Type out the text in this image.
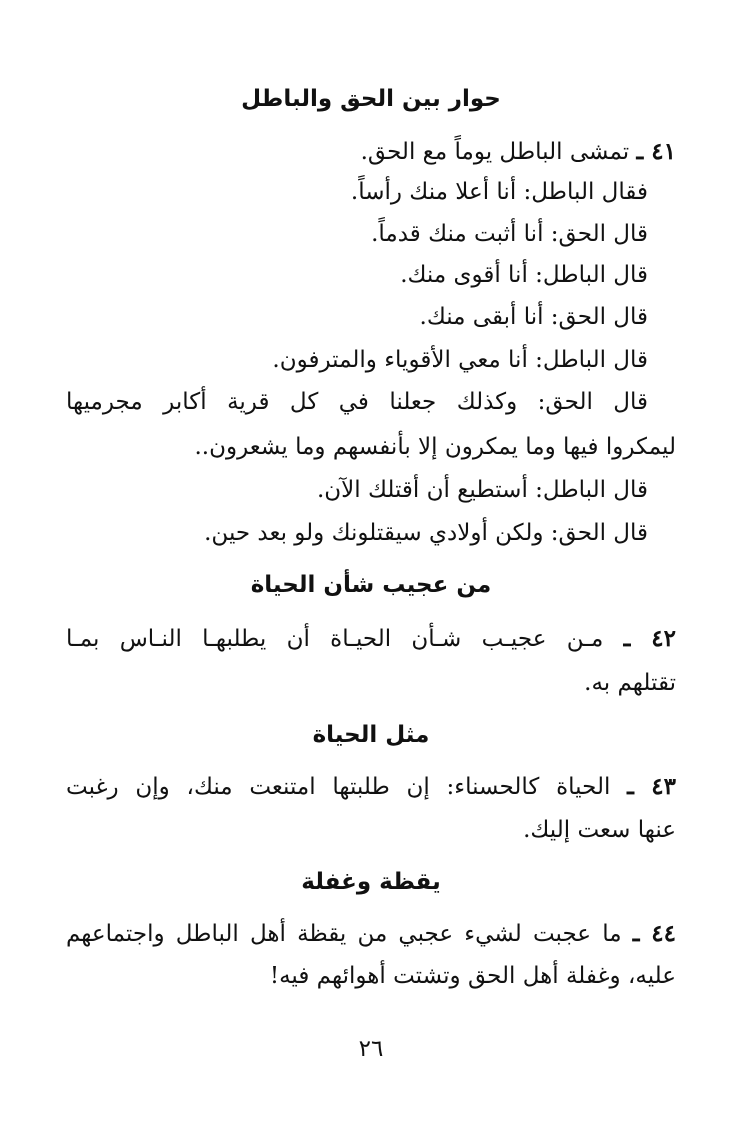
حوار بين الحق والباطل

٤١ ـ تمشى الباطل يوماً مع الحق.

فقال الباطل: أنا أعلا منك رأساً.

قال الحق: أنا أثبت منك قدماً.

قال الباطل: أنا أقوى منك.

قال الحق: أنا أبقى منك.

قال الباطل: أنا معي الأقوياء والمترفون.

قال الحق: وكذلك جعلنا في كل قرية أكابر مجرميها

ليمكروا فيها وما يمكرون إلا بأنفسهم وما يشعرون..

قال الباطل: أستطيع أن أقتلك الآن.

قال الحق: ولكن أولادي سيقتلونك ولو بعد حين.

من عجيب شأن الحياة

٤٢ ـ مـن عجيـب شـأن الحيـاة أن يطلبهـا النـاس بمـا

تقتلهم به.

مثل الحياة

٤٣ ـ الحياة كالحسناء: إن طلبتها امتنعت منك، وإن رغبت

عنها سعت إليك.

يقظة وغفلة

٤٤ ـ ما عجبت لشيء عجبي من يقظة أهل الباطل واجتماعهم

عليه، وغفلة أهل الحق وتشتت أهوائهم فيه!

٢٦
